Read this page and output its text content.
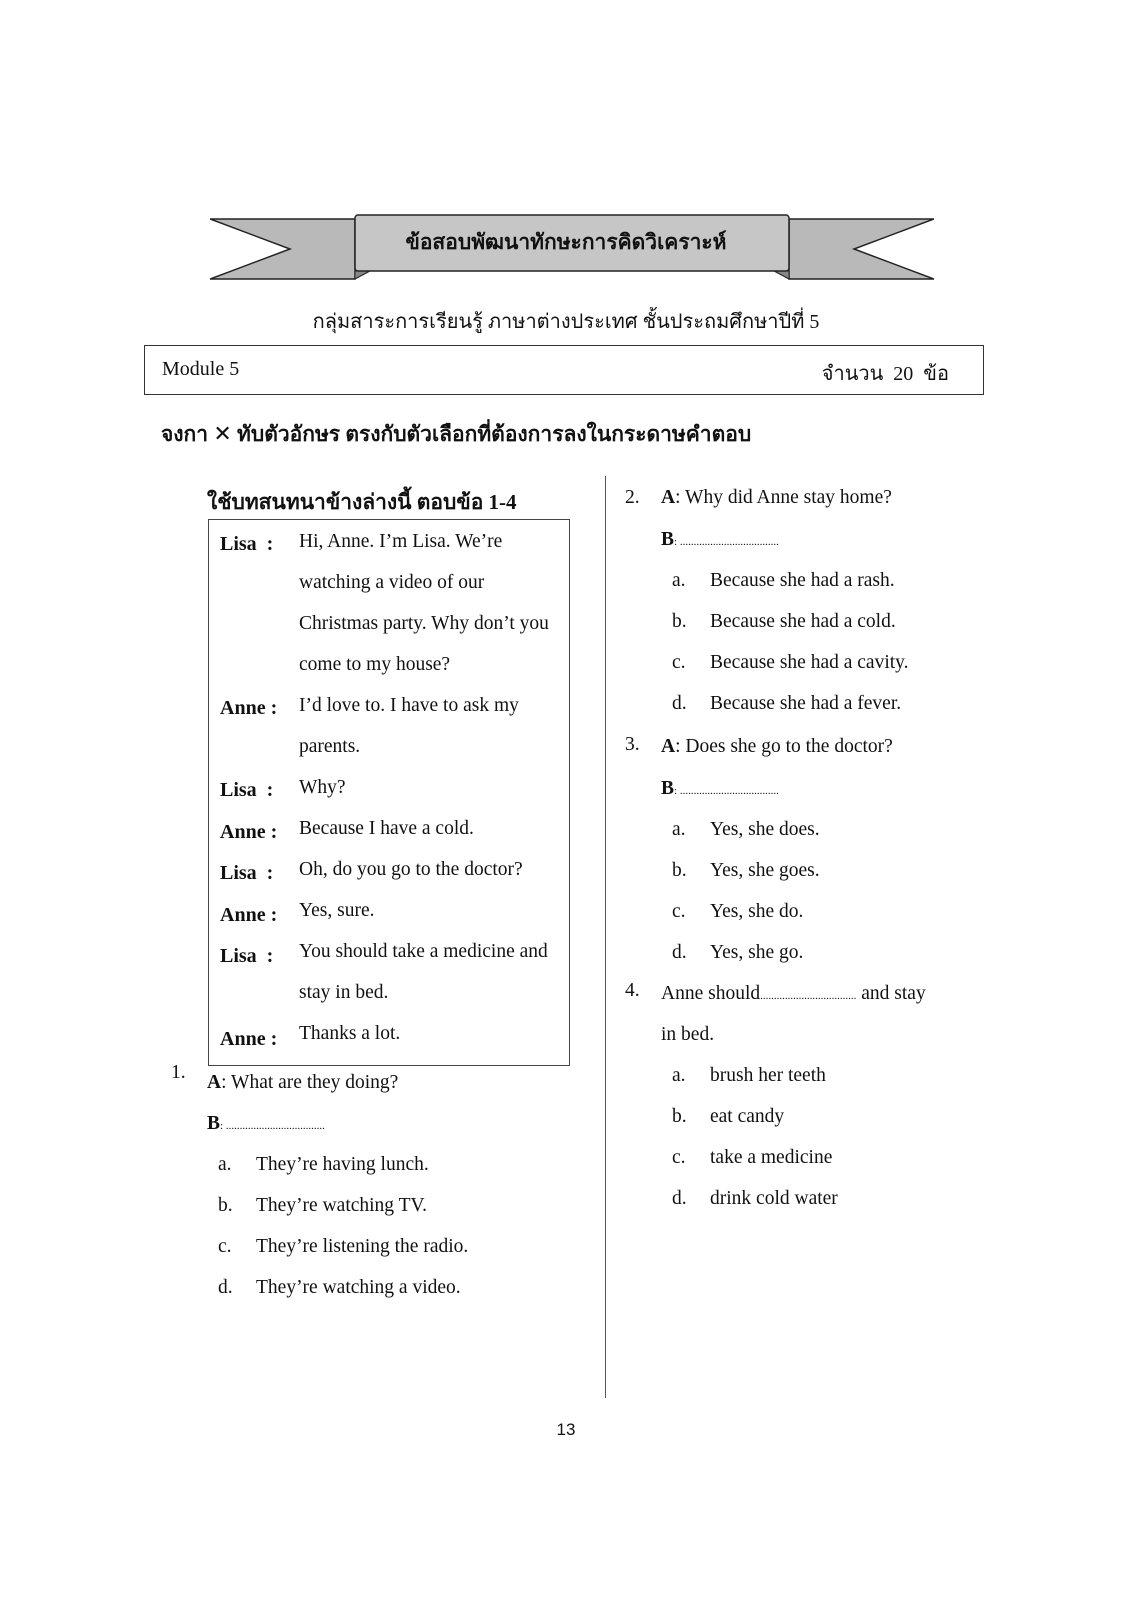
ข้อสอบพัฒนาทักษะการคิดวิเคราะห์
กลุ่มสาระการเรียนรู้ ภาษาต่างประเทศ ชั้นประถมศึกษาปีที่ 5
Module 5	จำนวน  20  ข้อ
จงกา ✕ ทับตัวอักษร ตรงกับตัวเลือกที่ต้องการลงในกระดาษคำตอบ
ใช้บทสนทนาข้างล่างนี้ ตอบข้อ 1-4
Lisa  :
Anne :
Lisa  :
Anne :
Lisa  :
Anne :
Lisa  :
Anne :
Hi, Anne. I’m Lisa. We’re
watching a video of our
Christmas party. Why don’t you
come to my house?
I’d love to. I have to ask my
parents.
Why?
Because I have a cold.
Oh, do you go to the doctor?
Yes, sure.
You should take a medicine and
stay in bed.
Thanks a lot.
1. A: What are they doing?
B: ....................................
a. They’re having lunch.
b. They’re watching TV.
c. They’re listening the radio.
d. They’re watching a video.
2. A: Why did Anne stay home?
B: ....................................
a. Because she had a rash.
b. Because she had a cold.
c. Because she had a cavity.
d. Because she had a fever.
3. A: Does she go to the doctor?
B: ....................................
a. Yes, she does.
b. Yes, she goes.
c. Yes, she do.
d. Yes, she go.
4. Anne should................................... and stay
in bed.
a. brush her teeth
b. eat candy
c. take a medicine
d. drink cold water
13
